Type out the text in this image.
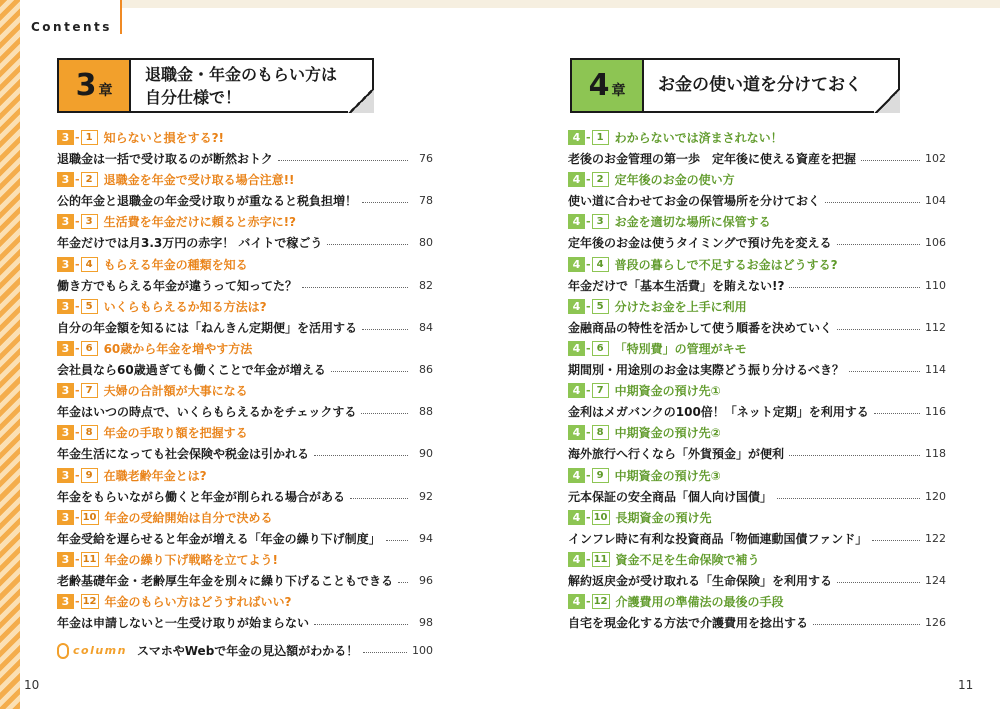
Contents
3 章
退職金・年金のもらい方は
自分仕様で！	4 章 お金の使い道を分けておく
3 - 1 知らないと損をする?!
退職金は一括で受け取るのが断然おトク	76
3 - 2 退職金を年金で受け取る場合注意!!
公的年金と退職金の年金受け取りが重なると税負担増！	78
3 - 3 生活費を年金だけに頼ると赤字に!?
年金だけでは月3.3万円の赤字！ バイトで稼ごう	80
3 - 4 もらえる年金の種類を知る
働き方でもらえる年金が違うって知ってた？	82
3 - 5 いくらもらえるか知る方法は?
自分の年金額を知るには「ねんきん定期便」を活用する	84
3 - 6 60歳から年金を増やす方法
会社員なら60歳過ぎても働くことで年金が増える	86
3 - 7 夫婦の合計額が大事になる
年金はいつの時点で、いくらもらえるかをチェックする	88
3 - 8 年金の手取り額を把握する
年金生活になっても社会保険や税金は引かれる	90
3 - 9 在職老齢年金とは?
年金をもらいながら働くと年金が削られる場合がある	92
3 - 10 年金の受給開始は自分で決める
年金受給を遅らせると年金が増える「年金の繰り下げ制度」	94
3 - 11 年金の繰り下げ戦略を立てよう!
老齢基礎年金・老齢厚生年金を別々に繰り下げることもできる	96
3 - 12 年金のもらい方はどうすればいい?
年金は申請しないと一生受け取りが始まらない	98
4 - 1 わからないでは済まされない！
老後のお金管理の第一歩　定年後に使える資産を把握	102
4 - 2 定年後のお金の使い方
使い道に合わせてお金の保管場所を分けておく	104
4 - 3 お金を適切な場所に保管する
定年後のお金は使うタイミングで預け先を変える	106
4 - 4 普段の暮らしで不足するお金はどうする?
年金だけで「基本生活費」を賄えない!?	110
4 - 5 分けたお金を上手に利用
金融商品の特性を活かして使う順番を決めていく	112
4 - 6 「特別費」の管理がキモ
期間別・用途別のお金は実際どう振り分けるべき？	114
4 - 7 中期資金の預け先①
金利はメガバンクの100倍！「ネット定期」を利用する	116
4 - 8 中期資金の預け先②
海外旅行へ行くなら「外貨預金」が便利	118
4 - 9 中期資金の預け先③
元本保証の安全商品「個人向け国債」	120
4 - 10 長期資金の預け先
インフレ時に有利な投資商品「物価連動国債ファンド」	122
4 - 11 資金不足を生命保険で補う
解約返戻金が受け取れる「生命保険」を利用する	124
4 - 12 介護費用の準備法の最後の手段
自宅を現金化する方法で介護費用を捻出する	126
column スマホやWebで年金の見込額がわかる！	100
10	11
